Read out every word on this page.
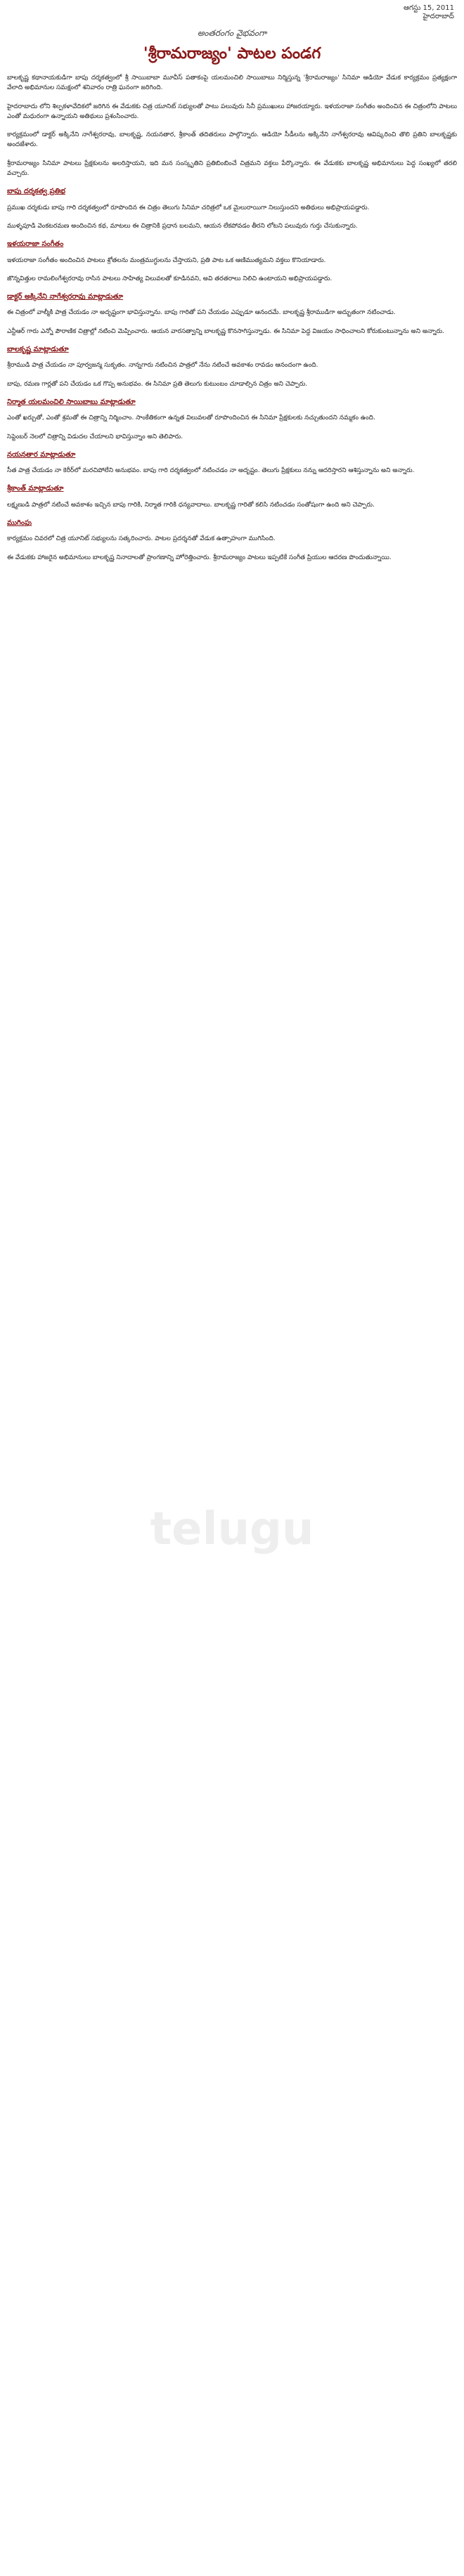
ఆగస్టు 15, 2011
హైదరాబాద్
అంతరంగం వైభవంగా
'శ్రీరామరాజ్యం' పాటల పండగ
telugu

బాలకృష్ణ కథానాయకుడిగా బాపు దర్శకత్వంలో శ్రీ సాయిబాబా మూవీస్ పతాకంపై యలమంచిలి సాయిబాబు నిర్మిస్తున్న 'శ్రీరామరాజ్యం' సినిమా ఆడియో వేడుక కార్యక్రమం ప్రత్యక్షంగా వేలాది అభిమానుల సమక్షంలో శనివారం రాత్రి ఘనంగా జరిగింది.

హైదరాబాదు లోని శిల్పకళావేదికలో జరిగిన ఈ వేడుకకు చిత్ర యూనిట్ సభ్యులతో పాటు పలువురు సినీ ప్రముఖులు హాజరయ్యారు. ఇళయరాజా సంగీతం అందించిన ఈ చిత్రంలోని పాటలు ఎంతో మధురంగా ఉన్నాయని అతిథులు ప్రశంసించారు.

కార్యక్రమంలో డాక్టర్ అక్కినేని నాగేశ్వరరావు, బాలకృష్ణ, నయనతార, శ్రీకాంత్ తదితరులు పాల్గొన్నారు. ఆడియో సీడీలను అక్కినేని నాగేశ్వరరావు ఆవిష్కరించి తొలి ప్రతిని బాలకృష్ణకు అందజేశారు.

శ్రీరామరాజ్యం సినిమా పాటలు ప్రేక్షకులను అలరిస్తాయని, ఇది మన సంస్కృతిని ప్రతిబింబించే చిత్రమని వక్తలు పేర్కొన్నారు. ఈ వేడుకకు బాలకృష్ణ అభిమానులు పెద్ద సంఖ్యలో తరలి వచ్చారు.

బాపు దర్శకత్వ ప్రతిభ

ప్రముఖ దర్శకుడు బాపు గారి దర్శకత్వంలో రూపొందిన ఈ చిత్రం తెలుగు సినిమా చరిత్రలో ఒక మైలురాయిగా నిలుస్తుందని అతిథులు అభిప్రాయపడ్డారు.

ముళ్ళపూడి వెంకటరమణ అందించిన కథ, మాటలు ఈ చిత్రానికి ప్రధాన బలమని, ఆయన లేకపోవడం తీరని లోటని పలువురు గుర్తు చేసుకున్నారు.

ఇళయరాజా సంగీతం

ఇళయరాజా సంగీతం అందించిన పాటలు శ్రోతలను మంత్రముగ్ధులను చేస్తాయని, ప్రతి పాట ఒక ఆణిముత్యమని వక్తలు కొనియాడారు.

జొన్నవిత్తుల రామలింగేశ్వరరావు రాసిన పాటలు సాహిత్య విలువలతో కూడినవని, అవి తరతరాలు నిలిచి ఉంటాయని అభిప్రాయపడ్డారు.

డాక్టర్ అక్కినేని నాగేశ్వరరావు మాట్లాడుతూ

ఈ చిత్రంలో వాల్మీకి పాత్ర చేయడం నా అదృష్టంగా భావిస్తున్నాను. బాపు గారితో పని చేయడం ఎప్పుడూ ఆనందమే. బాలకృష్ణ శ్రీరాముడిగా అద్భుతంగా నటించాడు.

ఎన్టీఆర్ గారు ఎన్నో పౌరాణిక చిత్రాల్లో నటించి మెప్పించారు. ఆయన వారసత్వాన్ని బాలకృష్ణ కొనసాగిస్తున్నాడు. ఈ సినిమా పెద్ద విజయం సాధించాలని కోరుకుంటున్నాను అని అన్నారు.

బాలకృష్ణ మాట్లాడుతూ

శ్రీరాముడి పాత్ర చేయడం నా పూర్వజన్మ సుకృతం. నాన్నగారు నటించిన పాత్రలో నేను నటించే అవకాశం రావడం ఆనందంగా ఉంది.

బాపు, రమణ గార్లతో పని చేయడం ఒక గొప్ప అనుభవం. ఈ సినిమా ప్రతి తెలుగు కుటుంబం చూడాల్సిన చిత్రం అని చెప్పారు.

నిర్మాత యలమంచిలి సాయిబాబు మాట్లాడుతూ

ఎంతో ఖర్చుతో, ఎంతో శ్రమతో ఈ చిత్రాన్ని నిర్మించాం. సాంకేతికంగా ఉన్నత విలువలతో రూపొందించిన ఈ సినిమా ప్రేక్షకులకు నచ్చుతుందని నమ్మకం ఉంది.

సెప్టెంబర్ నెలలో చిత్రాన్ని విడుదల చేయాలని భావిస్తున్నాం అని తెలిపారు.

నయనతార మాట్లాడుతూ

సీత పాత్ర చేయడం నా కెరీర్‌లో మరచిపోలేని అనుభవం. బాపు గారి దర్శకత్వంలో నటించడం నా అదృష్టం. తెలుగు ప్రేక్షకులు నన్ను ఆదరిస్తారని ఆశిస్తున్నాను అని అన్నారు.

శ్రీకాంత్ మాట్లాడుతూ

లక్ష్మణుడి పాత్రలో నటించే అవకాశం ఇచ్చిన బాపు గారికి, నిర్మాత గారికి ధన్యవాదాలు. బాలకృష్ణ గారితో కలిసి నటించడం సంతోషంగా ఉంది అని చెప్పారు.

ముగింపు

కార్యక్రమం చివరలో చిత్ర యూనిట్ సభ్యులను సత్కరించారు. పాటల ప్రదర్శనతో వేడుక ఉత్సాహంగా ముగిసింది.

ఈ వేడుకకు హాజరైన అభిమానులు బాలకృష్ణ నినాదాలతో ప్రాంగణాన్ని హోరెత్తించారు. శ్రీరామరాజ్యం పాటలు ఇప్పటికే సంగీత ప్రియుల ఆదరణ పొందుతున్నాయి.
